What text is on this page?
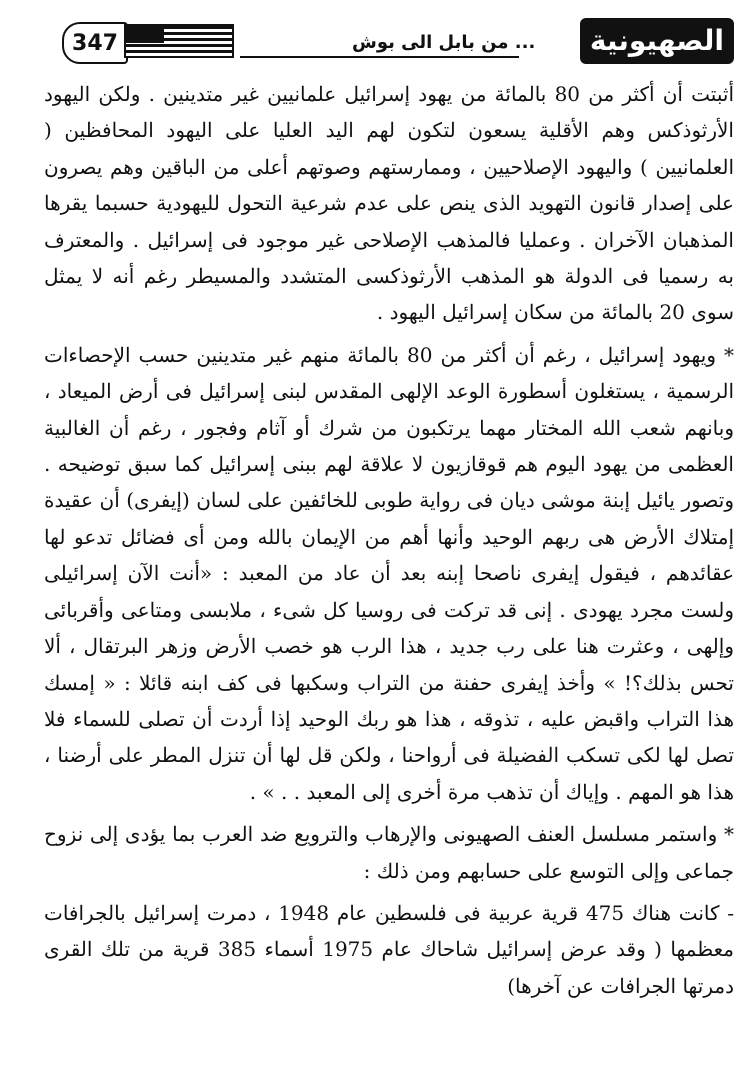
347	... من بابل الى بوش	الصهيونية

أثبتت أن أكثر من 80 بالمائة من يهود إسرائيل علمانيين غير متدينين . ولكن اليهود الأرثوذكس وهم الأقلية يسعون لتكون لهم اليد العليا على اليهود المحافظين ( العلمانيين ) واليهود الإصلاحيين ، وممارستهم وصوتهم أعلى من الباقين وهم يصرون على إصدار قانون التهويد الذى ينص على عدم شرعية التحول لليهودية حسبما يقرها المذهبان الآخران . وعمليا فالمذهب الإصلاحى غير موجود فى إسرائيل . والمعترف به رسميا فى الدولة هو المذهب الأرثوذكسى المتشدد والمسيطر رغم أنه لا يمثل سوى 20 بالمائة من سكان إسرائيل اليهود .

* ويهود إسرائيل ، رغم أن أكثر من 80 بالمائة منهم غير متدينين حسب الإحصاءات الرسمية ، يستغلون أسطورة الوعد الإلهى المقدس لبنى إسرائيل فى أرض الميعاد ، وبانهم شعب الله المختار مهما يرتكبون من شرك أو آثام وفجور ، رغم أن الغالبية العظمى من يهود اليوم هم قوقازيون لا علاقة لهم ببنى إسرائيل كما سبق توضيحه . وتصور يائيل إبنة موشى ديان فى رواية طوبى للخائفين على لسان (إيفرى) أن عقيدة إمتلاك الأرض هى ربهم الوحيد وأنها أهم من الإيمان بالله ومن أى فضائل تدعو لها عقائدهم ، فيقول إيفرى ناصحا إبنه بعد أن عاد من المعبد : «أنت الآن إسرائيلى ولست مجرد يهودى . إنى قد تركت فى روسيا كل شىء ، ملابسى ومتاعى وأقربائى وإلهى ، وعثرت هنا على رب جديد ، هذا الرب هو خصب الأرض وزهر البرتقال ، ألا تحس بذلك؟! » وأخذ إيفرى حفنة من التراب وسكبها فى كف ابنه قائلا : « إمسك هذا التراب واقبض عليه ، تذوقه ، هذا هو ربك الوحيد إذا أردت أن تصلى للسماء فلا تصل لها لكى تسكب الفضيلة فى أرواحنا ، ولكن قل لها أن تنزل المطر على أرضنا ، هذا هو المهم . وإياك أن تذهب مرة أخرى إلى المعبد . . » .

* واستمر مسلسل العنف الصهيونى والإرهاب والترويع ضد العرب بما يؤدى إلى نزوح جماعى وإلى التوسع على حسابهم ومن ذلك :

- كانت هناك 475 قرية عربية فى فلسطين عام 1948 ، دمرت إسرائيل بالجرافات معظمها ( وقد عرض إسرائيل شاحاك عام 1975 أسماء 385 قرية من تلك القرى دمرتها الجرافات عن آخرها)
